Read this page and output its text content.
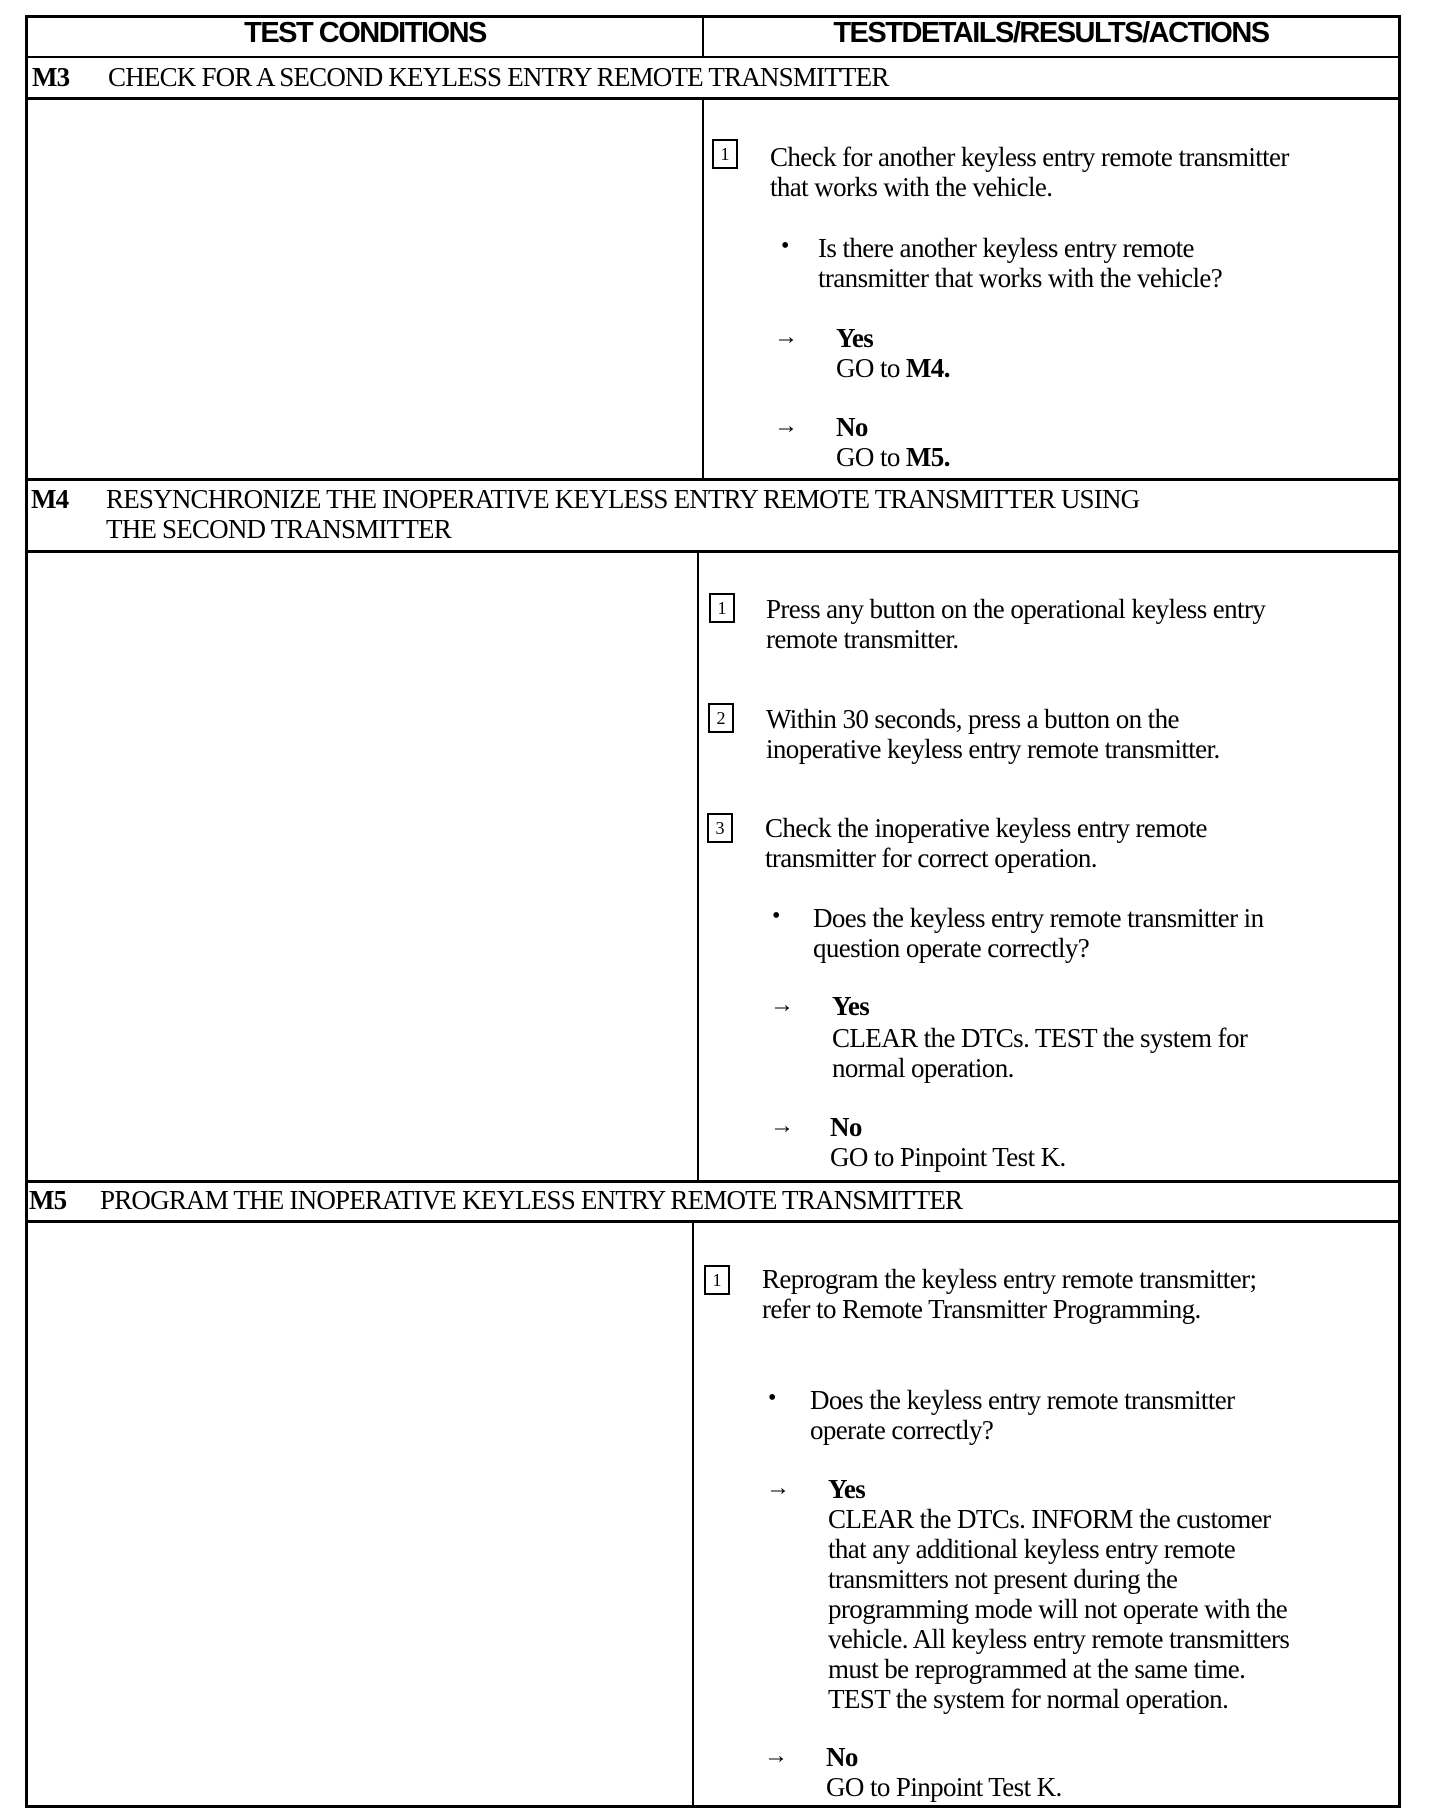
TEST CONDITIONS	TESTDETAILS/RESULTS/ACTIONS
M3 CHECK FOR A SECOND KEYLESS ENTRY REMOTE TRANSMITTER
1	Check for another keyless entry remote transmitter
that works with the vehicle.
• Is there another keyless entry remote
transmitter that works with the vehicle?
→ Yes
GO to M4.
→ No
GO to M5.
M4 RESYNCHRONIZE THE INOPERATIVE KEYLESS ENTRY REMOTE TRANSMITTER USING
THE SECOND TRANSMITTER
1	Press any button on the operational keyless entry
remote transmitter.
2	Within 30 seconds, press a button on the
inoperative keyless entry remote transmitter.
3	Check the inoperative keyless entry remote
transmitter for correct operation.
• Does the keyless entry remote transmitter in
question operate correctly?
→ Yes
CLEAR the DTCs. TEST the system for
normal operation.
→ No
GO to Pinpoint Test K.
M5 PROGRAM THE INOPERATIVE KEYLESS ENTRY REMOTE TRANSMITTER
1	Reprogram the keyless entry remote transmitter;
refer to Remote Transmitter Programming.
• Does the keyless entry remote transmitter
operate correctly?
→ Yes
CLEAR the DTCs. INFORM the customer
that any additional keyless entry remote
transmitters not present during the
programming mode will not operate with the
vehicle. All keyless entry remote transmitters
must be reprogrammed at the same time.
TEST the system for normal operation.
→ No
GO to Pinpoint Test K.
